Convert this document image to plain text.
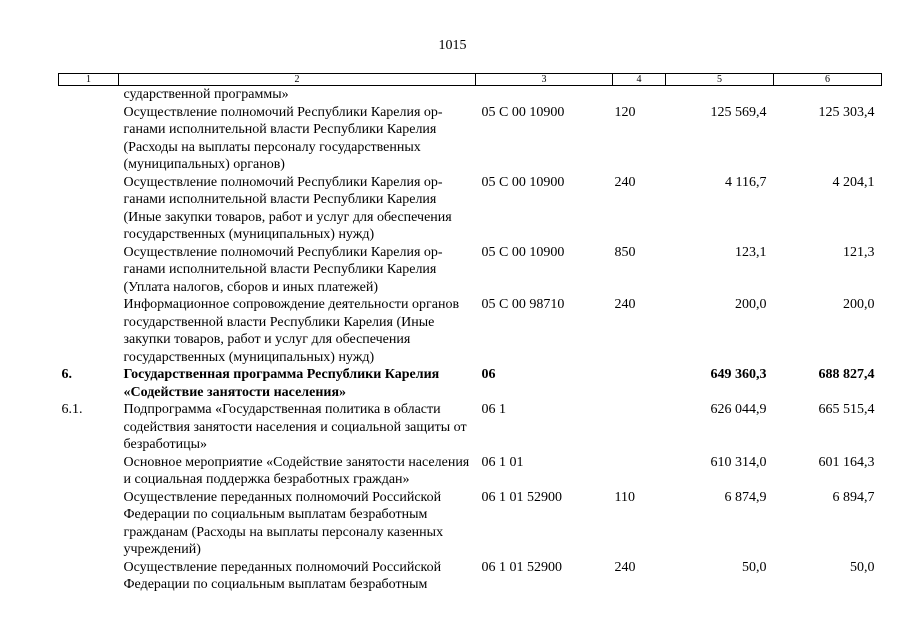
1015
1	2	3	4	5	6
	сударственной программы»				
	Осуществление полномочий Республики Карелия органами исполнительной власти Республики Карелия (Расходы на выплаты персоналу государственных (муниципальных) органов)	05 С 00 10900	120	125 569,4	125 303,4
	Осуществление полномочий Республики Карелия органами исполнительной власти Республики Карелия (Иные закупки товаров, работ и услуг для обеспечения государственных (муниципальных) нужд)	05 С 00 10900	240	4 116,7	4 204,1
	Осуществление полномочий Республики Карелия органами исполнительной власти Республики Карелия (Уплата налогов, сборов и иных платежей)	05 С 00 10900	850	123,1	121,3
	Информационное сопровождение деятельности органов государственной власти Республики Карелия (Иные закупки товаров, работ и услуг для обеспечения государственных (муниципальных) нужд)	05 С 00 98710	240	200,0	200,0
6.	Государственная программа Республики Карелия «Содействие занятости населения»	06		649 360,3	688 827,4
6.1.	Подпрограмма «Государственная политика в области содействия занятости населения и социальной защиты от безработицы»	06 1		626 044,9	665 515,4
	Основное мероприятие «Содействие занятости населения и социальная поддержка безработных граждан»	06 1 01		610 314,0	601 164,3
	Осуществление переданных полномочий Российской Федерации по социальным выплатам безработным гражданам (Расходы на выплаты персоналу казенных учреждений)	06 1 01 52900	110	6 874,9	6 894,7
	Осуществление переданных полномочий Российской Федерации по социальным выплатам безработным	06 1 01 52900	240	50,0	50,0
